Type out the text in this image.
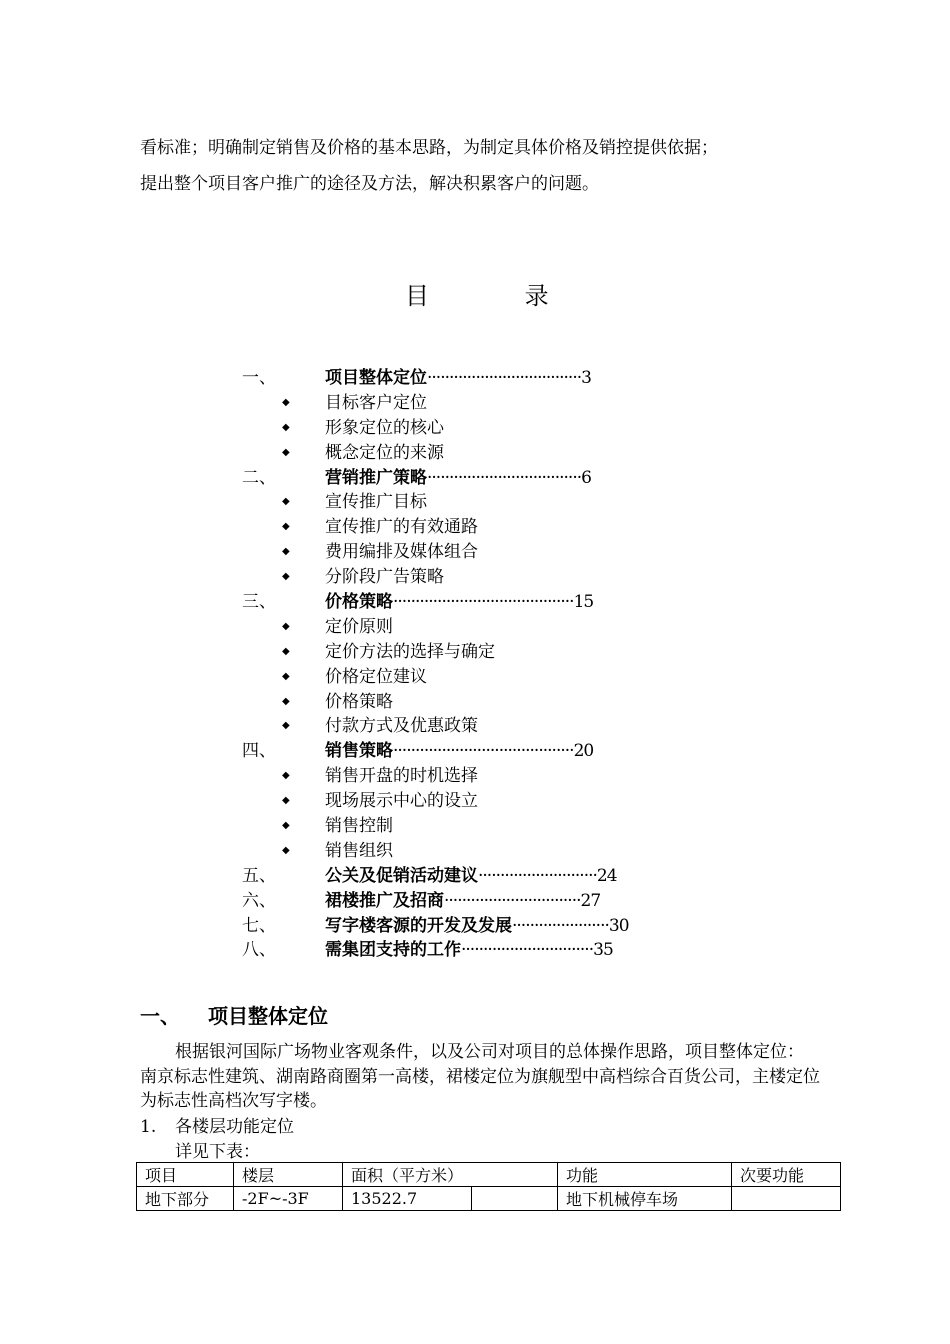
看标准；明确制定销售及价格的基本思路，为制定具体价格及销控提供依据；

提出整个项目客户推广的途径及方法，解决积累客户的问题。

目 录
一、	项目整体定位···································3
◆ 目标客户定位
◆ 形象定位的核心
◆ 概念定位的来源
二、	营销推广策略···································6
◆ 宣传推广目标
◆ 宣传推广的有效通路
◆ 费用编排及媒体组合
◆ 分阶段广告策略
三、	价格策略·········································15
◆ 定价原则
◆ 定价方法的选择与确定
◆ 价格定位建议
◆ 价格策略
◆ 付款方式及优惠政策
四、	销售策略·········································20
◆ 销售开盘的时机选择
◆ 现场展示中心的设立
◆ 销售控制
◆ 销售组织
五、	公关及促销活动建议···························24
六、	裙楼推广及招商·······························27
七、	写字楼客源的开发及发展······················30
八、	需集团支持的工作······························35
一、 项目整体定位

根据银河国际广场物业客观条件，以及公司对项目的总体操作思路，项目整体定位：南京标志性建筑、湖南路商圈第一高楼，裙楼定位为旗舰型中高档综合百货公司，主楼定位为标志性高档次写字楼。

1. 各楼层功能定位
详见下表：
项目	楼层	面积（平方米）		功能	次要功能
地下部分	-2F~-3F	13522.7		地下机械停车场	
